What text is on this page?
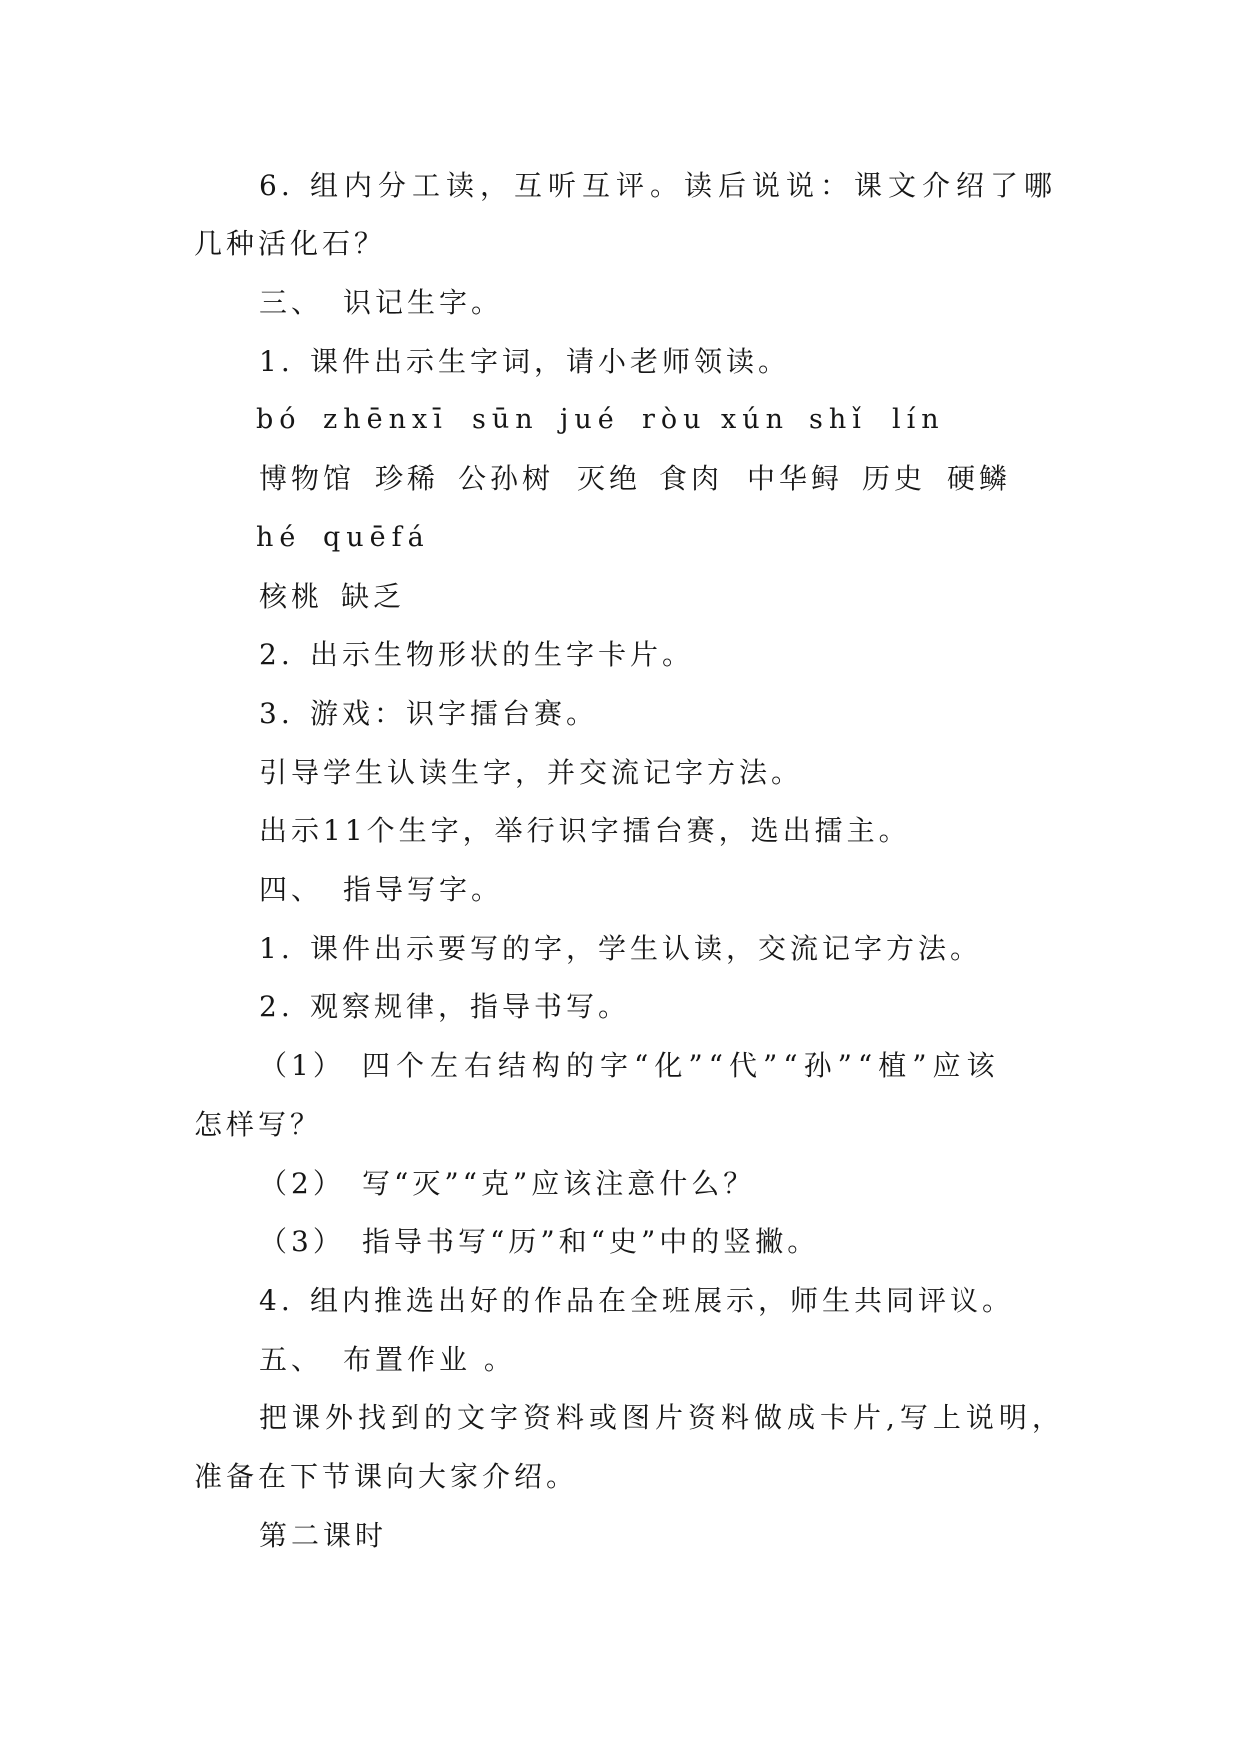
6. 组内分工读，互听互评。读后说说：课文介绍了哪
几种活化石？
三、 识记生字。
1. 课件出示生字词，请小老师领读。
bó zhēnxī sūn jué ròu xún shǐ lín
博物馆 珍稀 公孙树 灭绝 食肉 中华鲟 历史 硬鳞
hé quēfá
核桃 缺乏
2. 出示生物形状的生字卡片。
3. 游戏：识字擂台赛。
引导学生认读生字，并交流记字方法。
出示11个生字，举行识字擂台赛，选出擂主。
四、 指导写字。
1. 课件出示要写的字，学生认读，交流记字方法。
2. 观察规律，指导书写。
（1） 四个左右结构的字“化”“代”“孙”“植”应该
怎样写？
（2） 写“灭”“克”应该注意什么？
（3） 指导书写“历”和“史”中的竖撇。
4. 组内推选出好的作品在全班展示，师生共同评议。
五、 布置作业 。
把课外找到的文字资料或图片资料做成卡片,写上说明，
准备在下节课向大家介绍。
第二课时
